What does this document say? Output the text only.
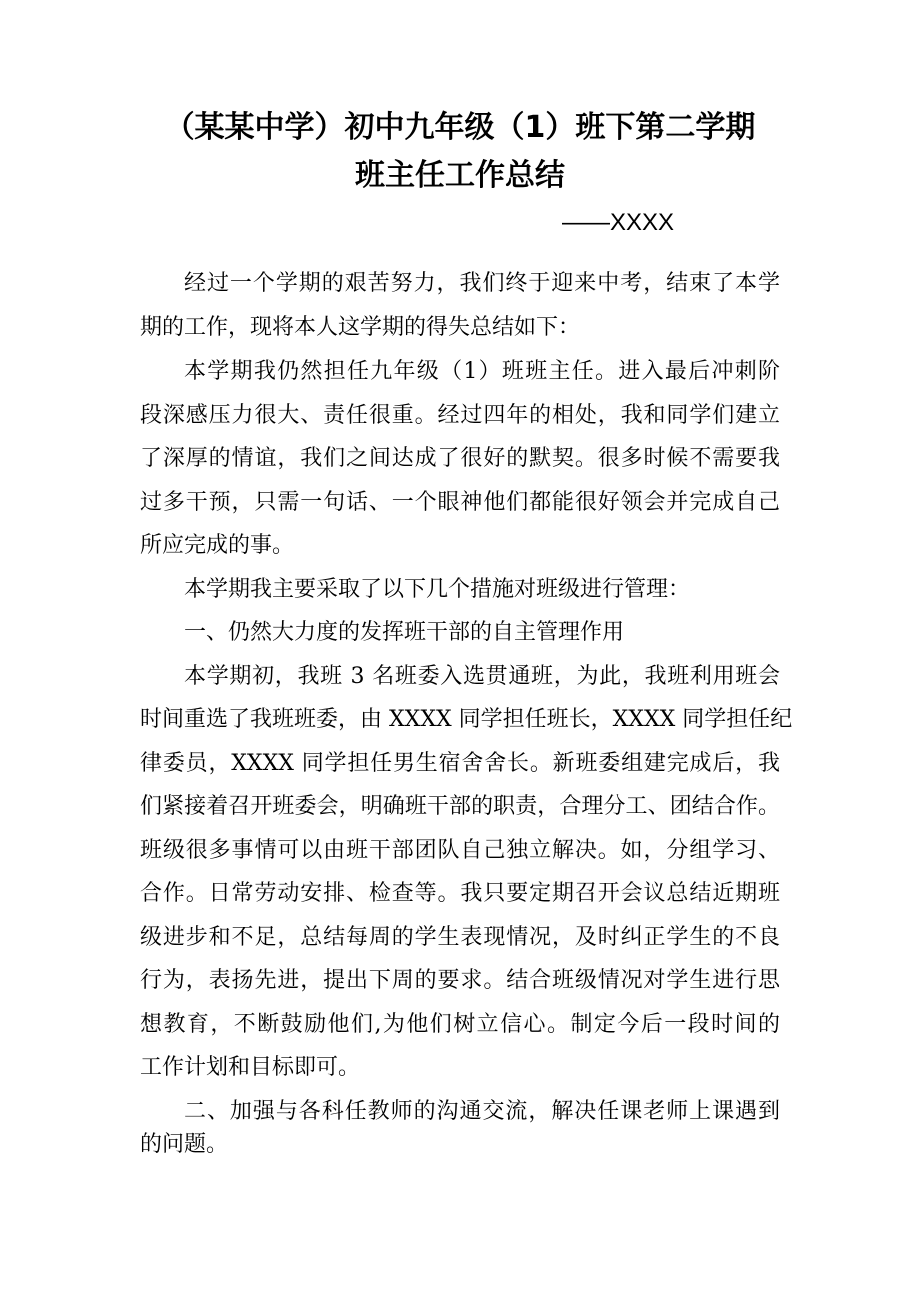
（某某中学）初中九年级（1）班下第二学期
班主任工作总结
——XXXX
经过一个学期的艰苦努力，我们终于迎来中考，结束了本学
期的工作，现将本人这学期的得失总结如下：
本学期我仍然担任九年级（1）班班主任。进入最后冲刺阶
段深感压力很大、责任很重。经过四年的相处，我和同学们建立
了深厚的情谊，我们之间达成了很好的默契。很多时候不需要我
过多干预，只需一句话、一个眼神他们都能很好领会并完成自己
所应完成的事。
本学期我主要采取了以下几个措施对班级进行管理：
一、仍然大力度的发挥班干部的自主管理作用
本学期初，我班 3 名班委入选贯通班，为此，我班利用班会
时间重选了我班班委，由 XXXX 同学担任班长，XXXX 同学担任纪
律委员，XXXX 同学担任男生宿舍舍长。新班委组建完成后，我
们紧接着召开班委会，明确班干部的职责，合理分工、团结合作。
班级很多事情可以由班干部团队自己独立解决。如，分组学习、
合作。日常劳动安排、检查等。我只要定期召开会议总结近期班
级进步和不足，总结每周的学生表现情况，及时纠正学生的不良
行为，表扬先进，提出下周的要求。结合班级情况对学生进行思
想教育，不断鼓励他们,为他们树立信心。制定今后一段时间的
工作计划和目标即可。
二、加强与各科任教师的沟通交流，解决任课老师上课遇到
的问题。
